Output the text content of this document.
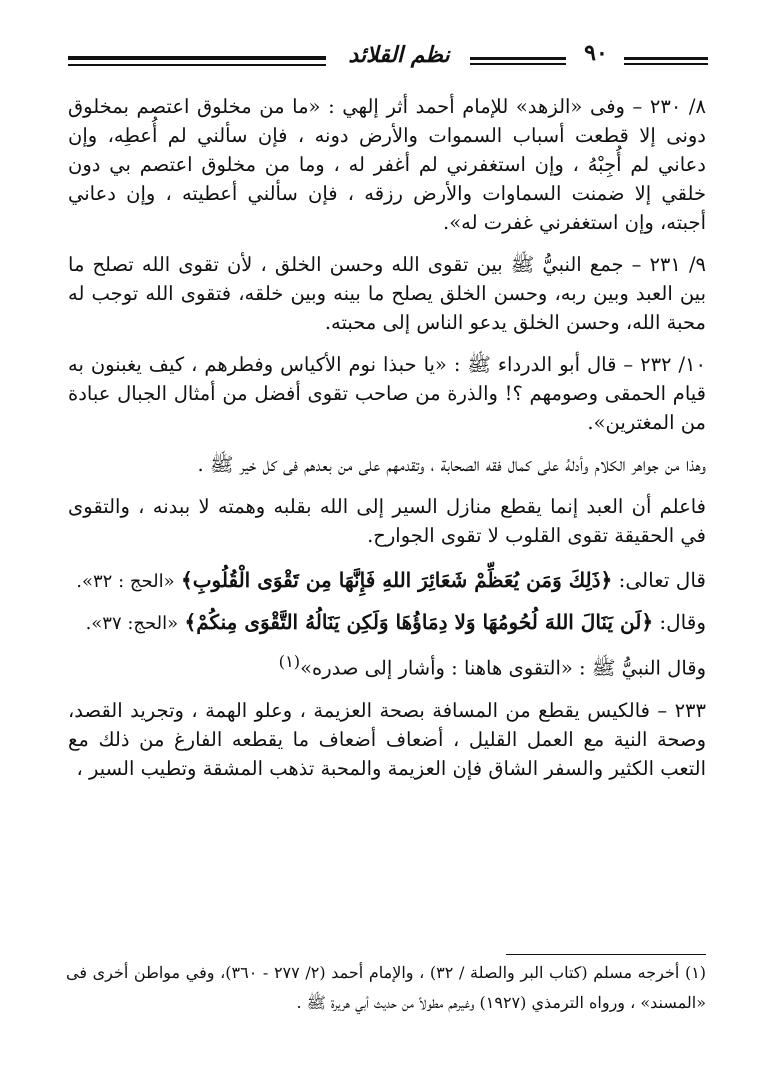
نظم القلائد	٩٠

٨/ ٢٣٠ – وفى «الزهد» للإمام أحمد أثر إلهي : «ما من مخلوق اعتصم بمخلوق دونى إلا قطعت أسباب السموات والأرض دونه ، فإن سألني لم أُعطِه، وإن دعاني لم أُجِبْهُ ، وإن استغفرني لم أغفر له ، وما من مخلوق اعتصم بي دون خلقي إلا ضمنت السماوات والأرض رزقه ، فإن سألني أعطيته ، وإن دعاني أجبته، وإن استغفرني غفرت له».

٩/ ٢٣١ – جمع النبيُّ ﷺ بين تقوى الله وحسن الخلق ، لأن تقوى الله تصلح ما بين العبد وبين ربه، وحسن الخلق يصلح ما بينه وبين خلقه، فتقوى الله توجب له محبة الله، وحسن الخلق يدعو الناس إلى محبته.

١٠/ ٢٣٢ – قال أبو الدرداء ﷺ : «يا حبذا نوم الأكياس وفطرهم ، كيف يغبنون به قيام الحمقى وصومهم ؟! والذرة من صاحب تقوى أفضل من أمثال الجبال عبادة من المغترين».

وهذا من جواهر الكلام وأدلهُ على كمال فقه الصحابة ، وتقدمهم على من بعدهم فى كل خير ﷺ .

فاعلم أن العبد إنما يقطع منازل السير إلى الله بقلبه وهمته لا ببدنه ، والتقوى في الحقيقة تقوى القلوب لا تقوى الجوارح.

قال تعالى: ﴿ذَلِكَ وَمَن يُعَظِّمْ شَعَائِرَ اللهِ فَإِنَّهَا مِن تَقْوَى الْقُلُوبِ﴾ «الحج : ٣٢».

وقال: ﴿لَن يَنَالَ اللهَ لُحُومُهَا وَلا دِمَاؤُهَا وَلَكِن يَنَالُهُ التَّقْوَى مِنكُمْ﴾ «الحج: ٣٧».

وقال النبيُّ ﷺ : «التقوى هاهنا : وأشار إلى صدره»$^{(١)}$

٢٣٣ – فالكيس يقطع من المسافة بصحة العزيمة ، وعلو الهمة ، وتجريد القصد، وصحة النية مع العمل القليل ، أضعاف أضعاف ما يقطعه الفارغ من ذلك مع التعب الكثير والسفر الشاق فإن العزيمة والمحبة تذهب المشقة وتطيب السير ،

(١) أخرجه مسلم (كتاب البر والصلة / ٣٢) ، والإمام أحمد (٢/ ٢٧٧ - ٣٦٠)، وفي مواطن أخرى فى «المسند» ، ورواه الترمذي (١٩٢٧) وغيرهم مطولاً من حديث أبي هريرة ﷺ .
